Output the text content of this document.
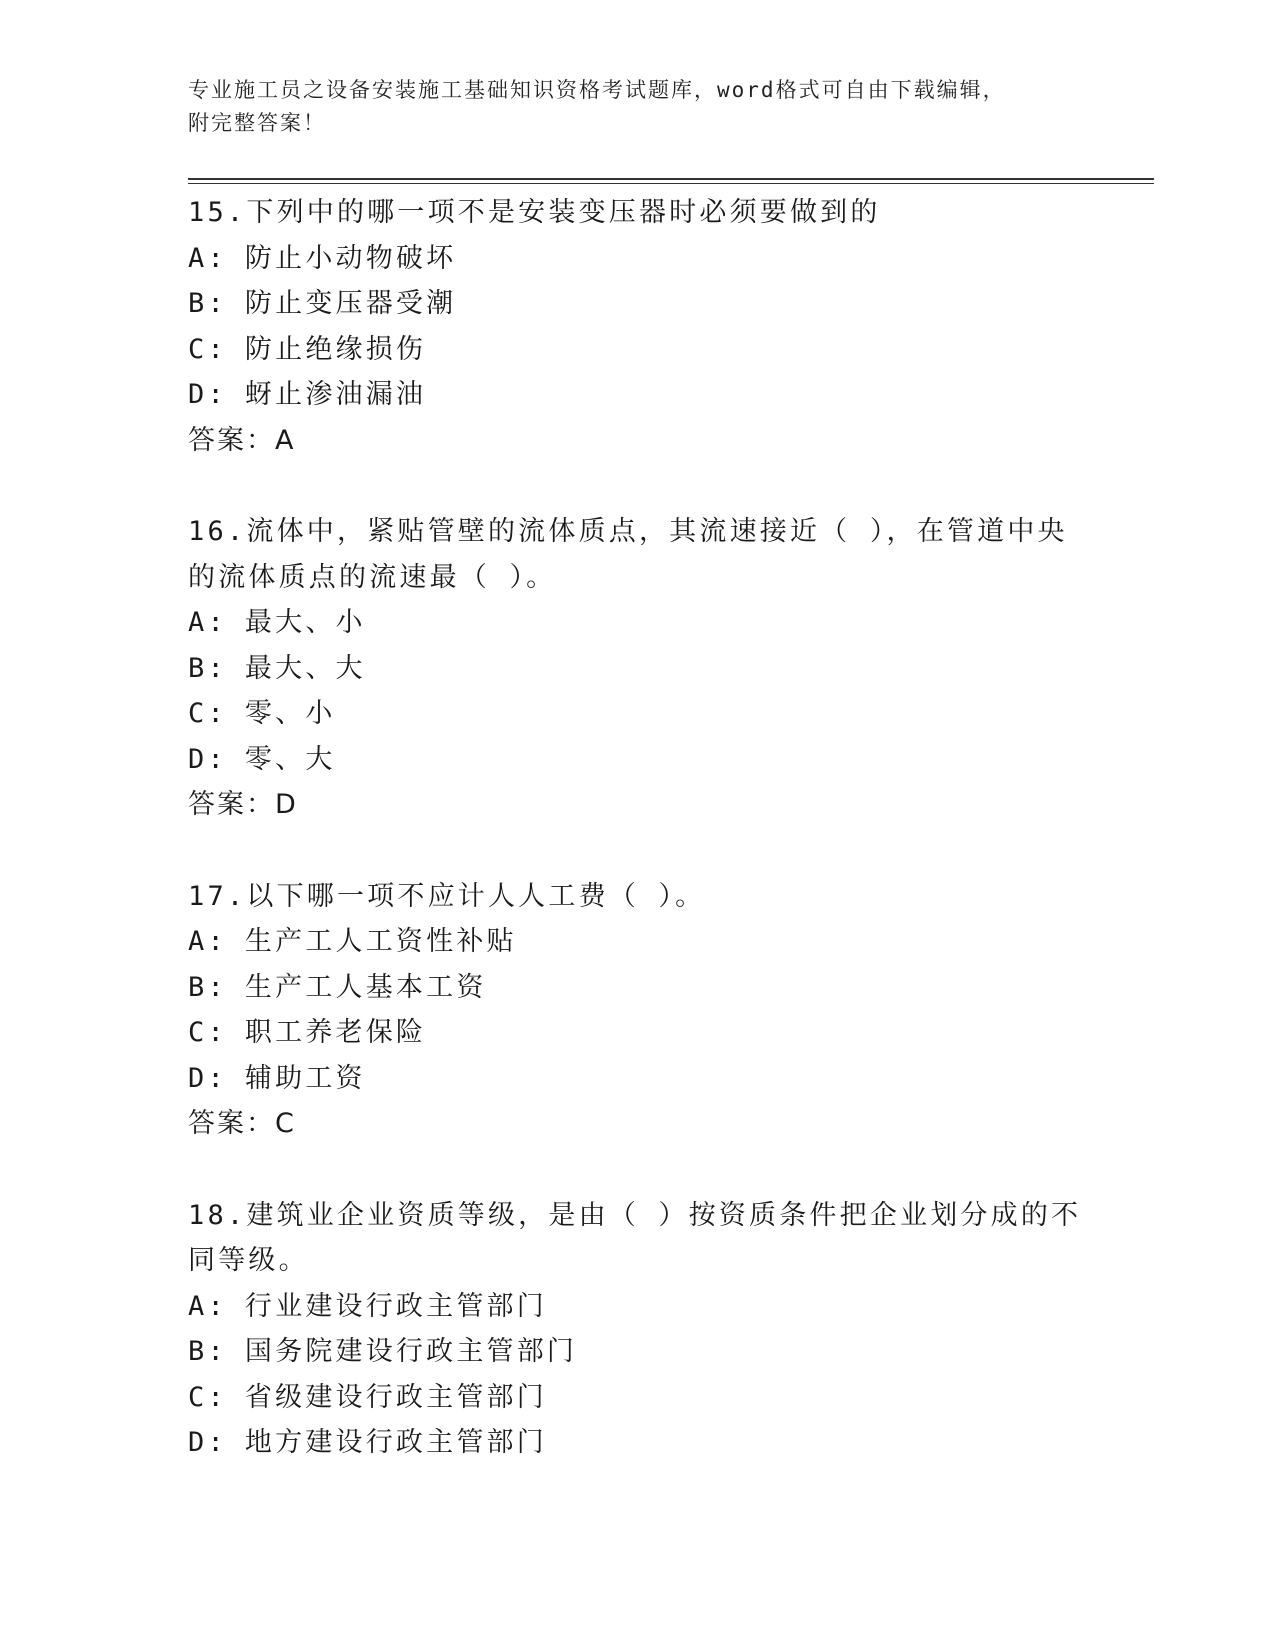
专业施工员之设备安装施工基础知识资格考试题库，word格式可自由下载编辑，
附完整答案！

15.下列中的哪一项不是安装变压器时必须要做到的

A: 防止小动物破坏

B: 防止变压器受潮

C: 防止绝缘损伤

D: 蚜止渗油漏油

答案：A

16.流体中，紧贴管壁的流体质点，其流速接近（ ），在管道中央的流体质点的流速最（ ）。

A: 最大、小

B: 最大、大

C: 零、小

D: 零、大

答案：D

17.以下哪一项不应计人人工费（ ）。

A: 生产工人工资性补贴

B: 生产工人基本工资

C: 职工养老保险

D: 辅助工资

答案：C

18.建筑业企业资质等级，是由（ ）按资质条件把企业划分成的不同等级。

A: 行业建设行政主管部门

B: 国务院建设行政主管部门

C: 省级建设行政主管部门

D: 地方建设行政主管部门
